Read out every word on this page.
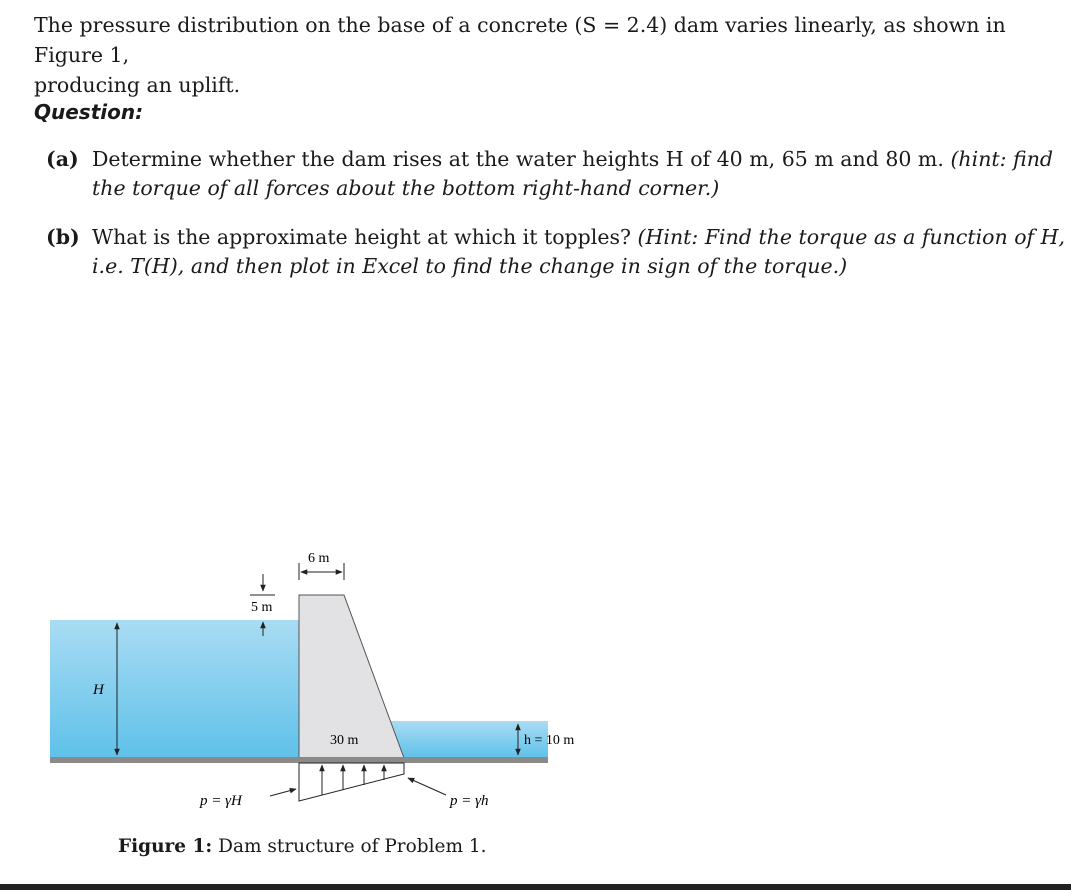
The pressure distribution on the base of a concrete (S = 2.4) dam varies linearly, as shown in Figure 1,
producing an uplift.
Question:
(a) Determine whether the dam rises at the water heights H of 40 m, 65 m and 80 m. (hint: find the torque of all forces about the bottom right-hand corner.)
(b) What is the approximate height at which it topples? (Hint: Find the torque as a function of H, i.e. T(H), and then plot in Excel to find the change in sign of the torque.)
6 m
5 m
H
30 m	h = 10 m
p = γH	p = γh
Figure 1: Dam structure of Problem 1.
